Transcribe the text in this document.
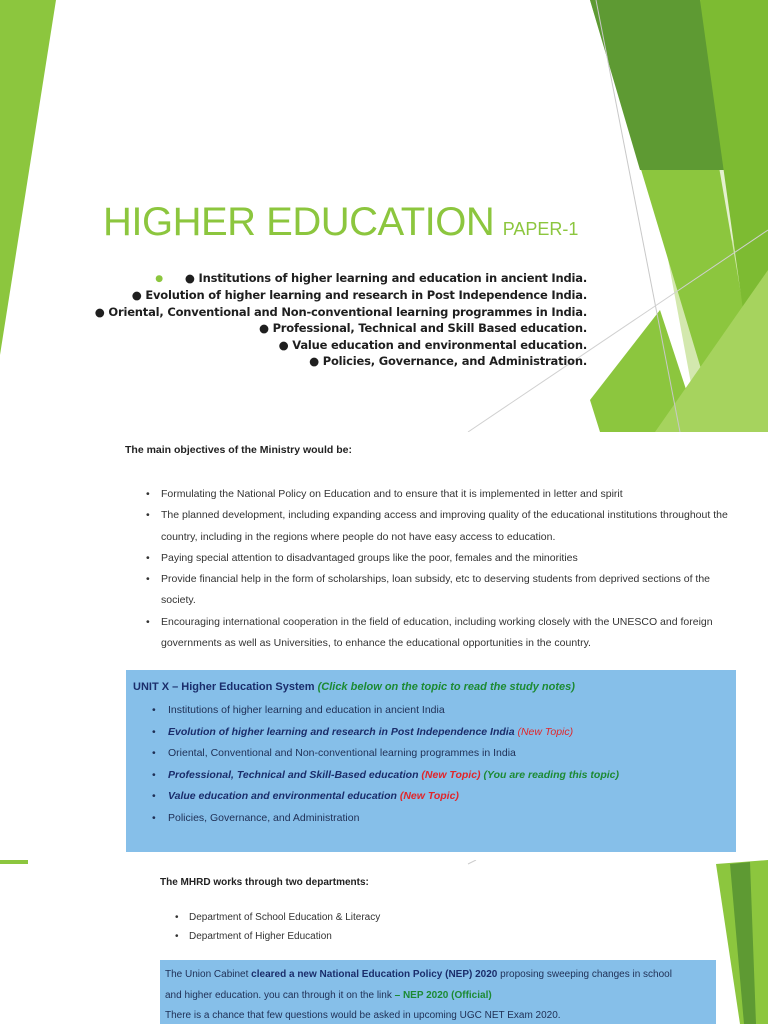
HIGHER EDUCATION PAPER-1
● ● Institutions of higher learning and education in ancient India.
● Evolution of higher learning and research in Post Independence India.
● Oriental, Conventional and Non-conventional learning programmes in India.
● Professional, Technical and Skill Based education.
● Value education and environmental education.
● Policies, Governance, and Administration.
The main objectives of the Ministry would be:
• Formulating the National Policy on Education and to ensure that it is implemented in letter and spirit
• The planned development, including expanding access and improving quality of the educational institutions throughout the country, including in the regions where people do not have easy access to education.
• Paying special attention to disadvantaged groups like the poor, females and the minorities
• Provide financial help in the form of scholarships, loan subsidy, etc to deserving students from deprived sections of the society.
• Encouraging international cooperation in the field of education, including working closely with the UNESCO and foreign governments as well as Universities, to enhance the educational opportunities in the country.
UNIT X – Higher Education System (Click below on the topic to read the study notes)
• Institutions of higher learning and education in ancient India
• Evolution of higher learning and research in Post Independence India (New Topic)
• Oriental, Conventional and Non-conventional learning programmes in India
• Professional, Technical and Skill-Based education (New Topic) (You are reading this topic)
• Value education and environmental education (New Topic)
• Policies, Governance, and Administration
The MHRD works through two departments:
• Department of School Education & Literacy
• Department of Higher Education
The Union Cabinet cleared a new National Education Policy (NEP) 2020 proposing sweeping changes in school
and higher education. you can through it on the link – NEP 2020 (Official)
There is a chance that few questions would be asked in upcoming UGC NET Exam 2020.
